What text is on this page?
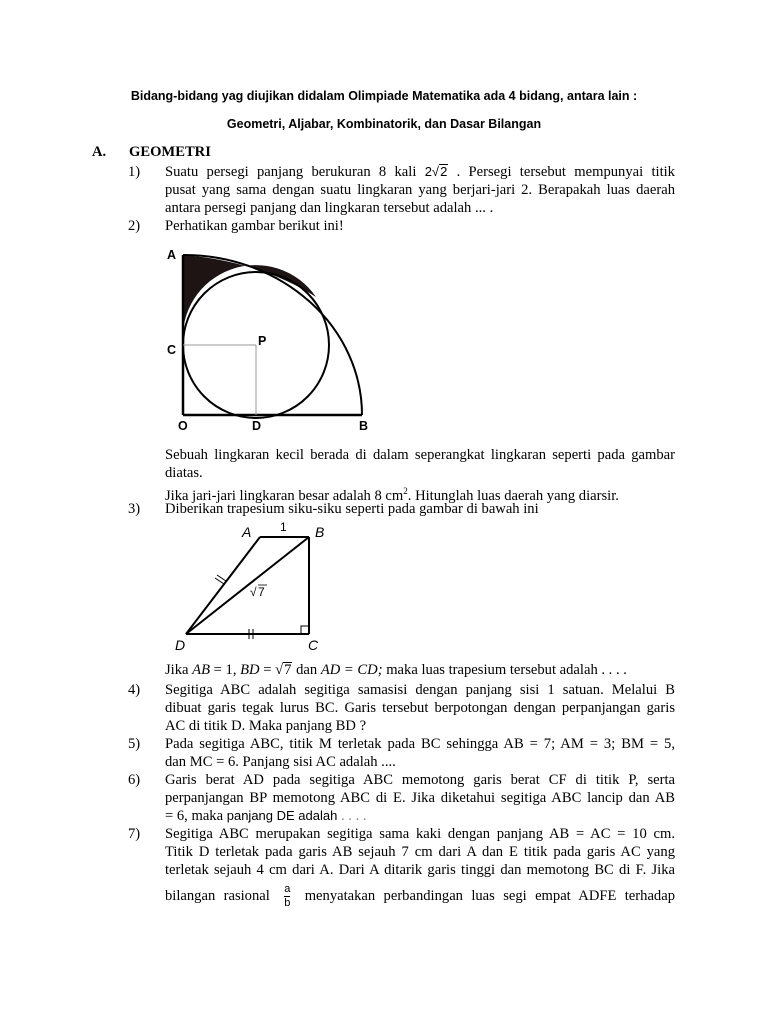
Bidang-bidang yag diujikan didalam Olimpiade Matematika ada 4 bidang, antara lain :
Geometri, Aljabar, Kombinatorik, dan Dasar Bilangan
A. GEOMETRI
1)	Suatu persegi panjang berukuran 8 kali 2√2 . Persegi tersebut mempunyai titik
pusat yang sama dengan suatu lingkaran yang berjari-jari 2. Berapakah luas daerah
antara persegi panjang dan lingkaran tersebut adalah ... .
2)	Perhatikan gambar berikut ini!
A
C
P
O	D	B
Sebuah lingkaran kecil berada di dalam seperangkat lingkaran seperti pada gambar
diatas.
Jika jari-jari lingkaran besar adalah 8 $cm^2$. Hitunglah luas daerah yang diarsir.
3)	Diberikan trapesium siku-siku seperti pada gambar di bawah ini
A	B
C
D
1
√ 7
Jika AB = 1, BD = √7 dan AD = CD; maka luas trapesium tersebut adalah . . . .
4)	Segitiga ABC adalah segitiga samasisi dengan panjang sisi 1 satuan. Melalui B
dibuat garis tegak lurus BC. Garis tersebut berpotongan dengan perpanjangan garis
AC di titik D. Maka panjang BD ?
5)	Pada segitiga ABC, titik M terletak pada BC sehingga AB = 7; AM = 3; BM = 5,
dan MC = 6. Panjang sisi AC adalah ....
6)	Garis berat AD pada segitiga ABC memotong garis berat CF di titik P, serta
perpanjangan BP memotong ABC di E. Jika diketahui segitiga ABC lancip dan AB
= 6, maka panjang DE adalah . . . .
7)	Segitiga ABC merupakan segitiga sama kaki dengan panjang AB = AC = 10 cm.
Titik D terletak pada garis AB sejauh 7 cm dari A dan E titik pada garis AC yang
terletak sejauh 4 cm dari A. Dari A ditarik garis tinggi dan memotong BC di F. Jika
bilangan rasional $\frac{a}{b}$ menyatakan perbandingan luas segi empat ADFE terhadap
